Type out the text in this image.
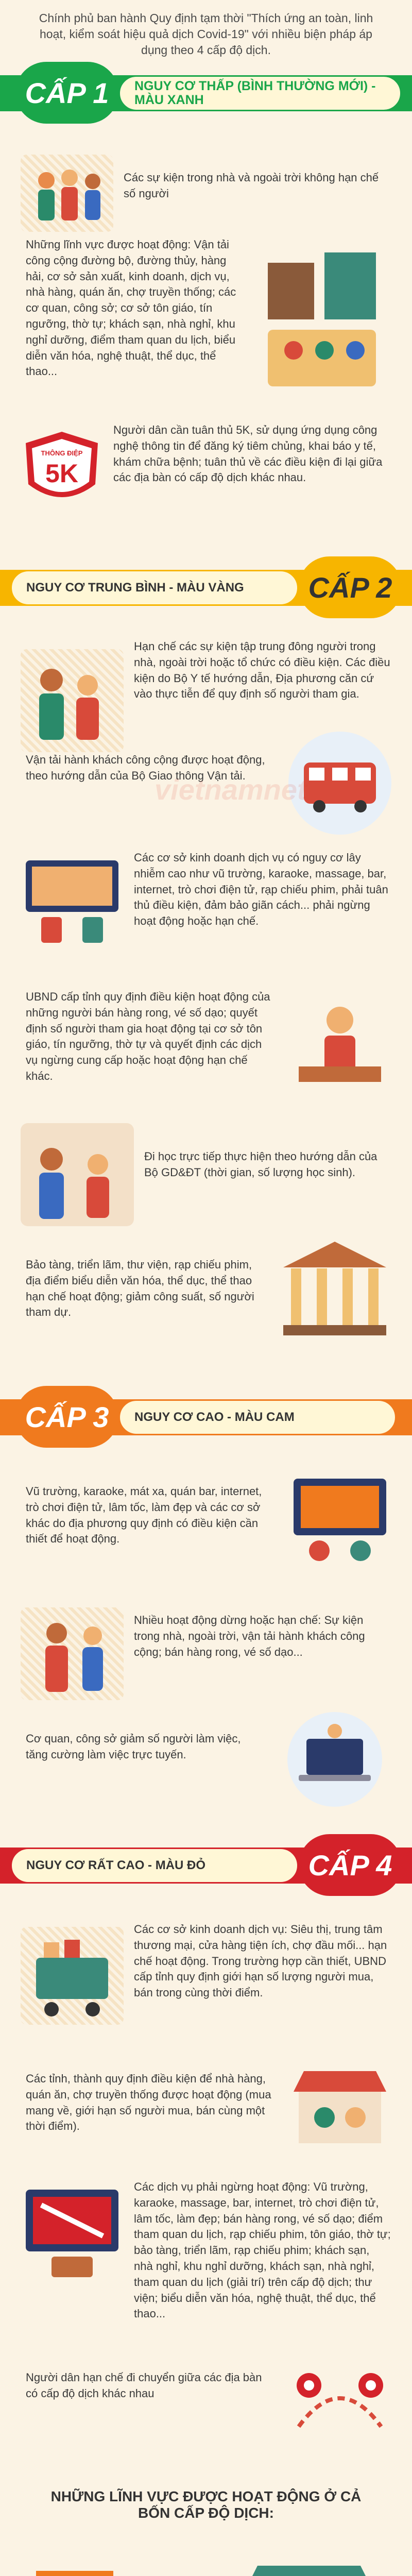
Chính phủ ban hành Quy định tạm thời "Thích ứng an toàn, linh hoạt, kiểm soát hiệu quả dịch Covid-19" với nhiều biện pháp áp dụng theo 4 cấp độ dịch.
CẤP 1	NGUY CƠ THẤP (BÌNH THƯỜNG MỚI) - MÀU XANH
Các sự kiện trong nhà và ngoài trời không hạn chế số người
Những lĩnh vực được hoạt động: Vận tải công cộng đường bộ, đường thủy, hàng hải, cơ sở sản xuất, kinh doanh, dịch vụ, nhà hàng, quán ăn, chợ truyền thống; các cơ quan, công sở; cơ sở tôn giáo, tín ngưỡng, thờ tự; khách sạn, nhà nghỉ, khu nghỉ dưỡng, điểm tham quan du lịch, biểu diễn văn hóa, nghệ thuật, thể dục, thể thao...
THÔNG ĐIỆP
5K
Người dân cần tuân thủ 5K, sử dụng ứng dụng công nghệ thông tin để đăng ký tiêm chủng, khai báo y tế, khám chữa bệnh; tuân thủ về các điều kiện đi lại giữa các địa bàn có cấp độ dịch khác nhau.
NGUY CƠ TRUNG BÌNH - MÀU VÀNG	CẤP 2
Hạn chế các sự kiện tập trung đông người trong nhà, ngoài trời hoặc tổ chức có điều kiện. Các điều kiện do Bộ Y tế hướng dẫn, Địa phương căn cứ vào thực tiễn để quy định số người tham gia.
Vận tải hành khách công cộng được hoạt động, theo hướng dẫn của Bộ Giao thông Vận tải.
vietnamnet
Các cơ sở kinh doanh dịch vụ có nguy cơ lây nhiễm cao như vũ trường, karaoke, massage, bar, internet, trò chơi điện tử, rạp chiếu phim, phải tuân thủ điều kiện, đảm bảo giãn cách... phải ngừng hoạt động hoặc hạn chế.
UBND cấp tỉnh quy định điều kiện hoạt động của những người bán hàng rong, vé số dạo; quyết định số người tham gia hoạt động tại cơ sở tôn giáo, tín ngưỡng, thờ tự và quyết định các dịch vụ ngừng cung cấp hoặc hoạt động hạn chế khác.
Đi học trực tiếp thực hiện theo hướng dẫn của Bộ GD&ĐT (thời gian, số lượng học sinh).
Bảo tàng, triển lãm, thư viện, rạp chiếu phim, địa điểm biểu diễn văn hóa, thể dục, thể thao hạn chế hoạt động; giảm công suất, số người tham dự.
CẤP 3	NGUY CƠ CAO - MÀU CAM
Vũ trường, karaoke, mát xa, quán bar, internet, trò chơi điện tử, lâm tốc, làm đẹp và các cơ sở khác do địa phương quy định có điều kiện cần thiết để hoạt động.
Nhiều hoạt động dừng hoặc hạn chế: Sự kiện trong nhà, ngoài trời, vận tải hành khách công cộng; bán hàng rong, vé số dạo...
Cơ quan, công sở giảm số người làm việc, tăng cường làm việc trực tuyến.
NGUY CƠ RẤT CAO - MÀU ĐỎ	CẤP 4
Các cơ sở kinh doanh dịch vụ: Siêu thị, trung tâm thương mại, cửa hàng tiện ích, chợ đầu mối... hạn chế hoạt động. Trong trường hợp cần thiết, UBND cấp tỉnh quy định giới hạn số lượng người mua, bán trong cùng thời điểm.
Các tỉnh, thành quy định điều kiện để nhà hàng, quán ăn, chợ truyền thống được hoạt động (mua mang về, giới hạn số người mua, bán cùng một thời điểm).
Các dịch vụ phải ngừng hoạt động: Vũ trường, karaoke, massage, bar, internet, trò chơi điện tử, lâm tốc, làm đẹp; bán hàng rong, vé số dạo; điểm tham quan du lịch, rạp chiếu phim, tôn giáo, thờ tự; bảo tàng, triển lãm, rạp chiếu phim; khách sạn, nhà nghỉ, khu nghỉ dưỡng, khách sạn, nhà nghỉ, tham quan du lịch (giải trí) trên cấp độ dịch; thư viện; biểu diễn văn hóa, nghệ thuật, thể dục, thể thao...
Người dân hạn chế đi chuyển giữa các địa bàn có cấp độ dịch khác nhau
NHỮNG LĨNH VỰC ĐƯỢC HOẠT ĐỘNG Ở CẢ BỐN CẤP ĐỘ DỊCH:
